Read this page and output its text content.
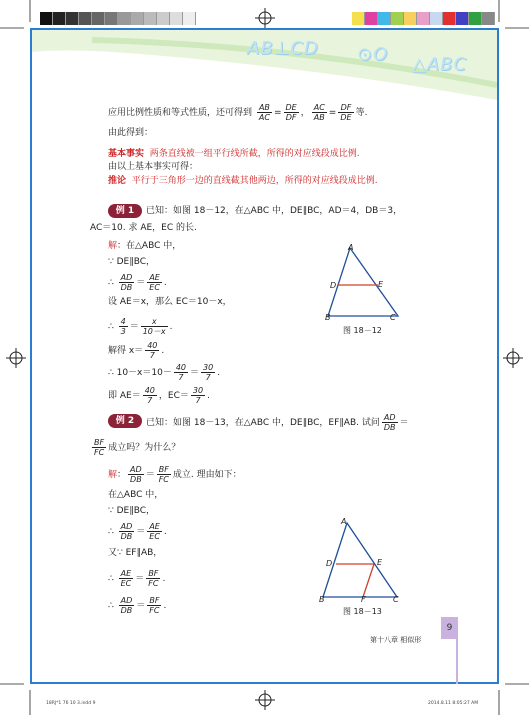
AB⊥CD ⊙O △ABC
应用比例性质和等式性质，还可得到 $\frac{AB}{AC} = \frac{DE}{DF}$ ， $\frac{AC}{AB} = \frac{DF}{DE}$ 等.
由此得到：
基本事实 两条直线被一组平行线所截，所得的对应线段成比例.
由以上基本事实可得：
推论 平行于三角形一边的直线截其他两边，所得的对应线段成比例.
例 1	已知：如图 18－12，在△ABC 中，DE∥BC，AD＝4，DB＝3，
AC＝10. 求 AE，EC 的长.
解：在△ABC 中，
∵ DE∥BC，
∴ $\frac{AD}{DB} = \frac{AE}{EC}$ .
设 AE＝x，那么 EC＝10－x，
∴ $\frac{4}{3} = \frac{x}{10-x}$ .
解得 $x= \frac{40}{7}$ .
∴ $10-x=10- \frac{40}{7} = \frac{30}{7}$ .
即 $AE= \frac{40}{7}$ ，$EC= \frac{30}{7}$ .
A
D	E
B	C
图 18－12
例 2	已知：如图 18－13，在△ABC 中，DE∥BC，EF∥AB. 试问 $\frac{AD}{DB}$ ＝
$\frac{BF}{FC}$ 成立吗？为什么？
解： $\frac{AD}{DB} = \frac{BF}{FC}$ 成立. 理由如下：
在△ABC 中，
∵ DE∥BC，
∴ $\frac{AD}{DB} = \frac{AE}{EC}$ .
又∵ EF∥AB，
∴ $\frac{AE}{EC} = \frac{BF}{FC}$ .
∴ $\frac{AD}{DB} = \frac{BF}{FC}$ .
A
D	E
B	F	C
图 18－13
第十八章 相似形
9
18RJ*1 76 10 3.indd 9	2014.8.11 8:05:27 AM
